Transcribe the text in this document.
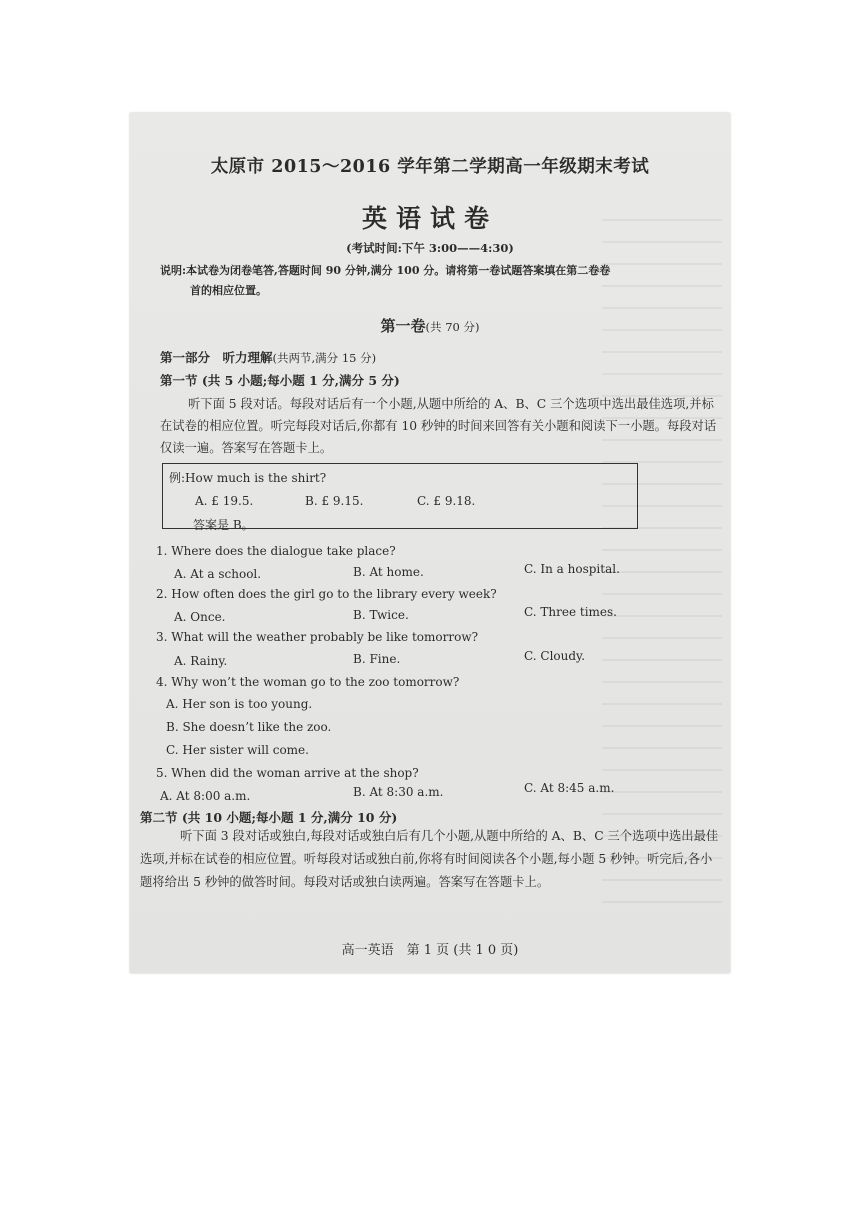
太原市 2015～2016 学年第二学期高一年级期末考试
英语试卷
(考试时间:下午 3:00——4:30)
说明:本试卷为闭卷笔答,答题时间 90 分钟,满分 100 分。请将第一卷试题答案填在第二卷卷
首的相应位置。
第一卷(共 70 分)
第一部分　听力理解(共两节,满分 15 分)
第一节 (共 5 小题;每小题 1 分,满分 5 分)
听下面 5 段对话。每段对话后有一个小题,从题中所给的 A、B、C 三个选项中选出最佳选项,并标在试卷的相应位置。听完每段对话后,你都有 10 秒钟的时间来回答有关小题和阅读下一小题。每段对话仅读一遍。答案写在答题卡上。
例:How much is the shirt?
A. £ 19.5.	B. £ 9.15.	C. £ 9.18.
答案是 B。
1. Where does the dialogue take place?
A. At a school.	B. At home.	C. In a hospital.
2. How often does the girl go to the library every week?
A. Once.	B. Twice.	C. Three times.
3. What will the weather probably be like tomorrow?
A. Rainy.	B. Fine.	C. Cloudy.
4. Why won’t the woman go to the zoo tomorrow?
A. Her son is too young.
B. She doesn’t like the zoo.
C. Her sister will come.
5. When did the woman arrive at the shop?
A. At 8:00 a.m.	B. At 8:30 a.m.	C. At 8:45 a.m.
第二节 (共 10 小题;每小题 1 分,满分 10 分)
听下面 3 段对话或独白,每段对话或独白后有几个小题,从题中所给的 A、B、C 三个选项中选出最佳选项,并标在试卷的相应位置。听每段对话或独白前,你将有时间阅读各个小题,每小题 5 秒钟。听完后,各小题将给出 5 秒钟的做答时间。每段对话或独白读两遍。答案写在答题卡上。
高一英语　第 1 页 (共 1 0 页)
